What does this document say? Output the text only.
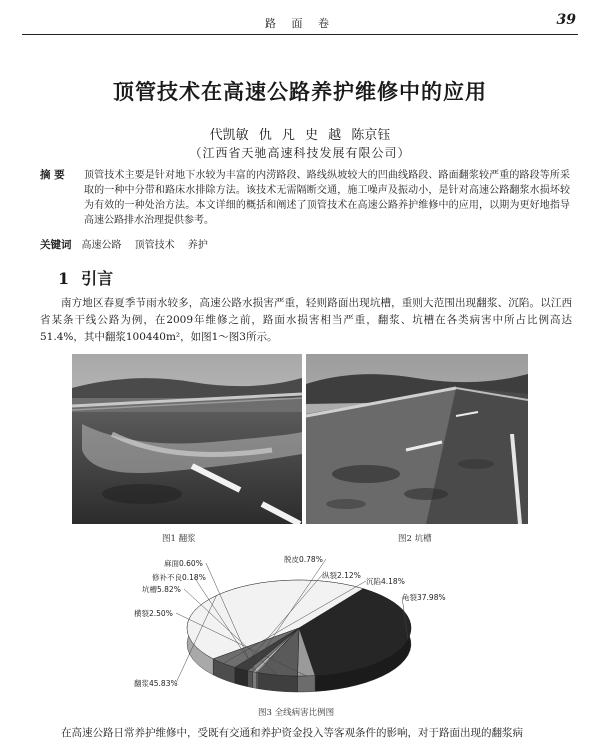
路 面 卷	39
顶管技术在高速公路养护维修中的应用
代凯敏 仇 凡 史 越 陈京钰
（江西省天驰高速科技发展有限公司）
摘 要 顶管技术主要是针对地下水较为丰富的内涝路段、路线纵坡较大的凹曲线路段、路面翻浆较严重的路段等所采取的一种中分带和路床水排除方法。该技术无需隔断交通，施工噪声及振动小，是针对高速公路翻浆水损坏较为有效的一种处治方法。本文详细的概括和阐述了顶管技术在高速公路养护维修中的应用，以期为更好地指导高速公路排水治理提供参考。
关键词 高速公路 顶管技术 养护
1 引言

南方地区春夏季节雨水较多，高速公路水损害严重，轻则路面出现坑槽，重则大范围出现翻浆、沉陷。以江西省某条干线公路为例，在2009年维修之前，路面水损害相当严重，翻浆、坑槽在各类病害中所占比例高达51.4%，其中翻浆100440m²，如图1～图3所示。

图1 翻浆	图2 坑槽
翻浆45.83%
龟裂37.98%
横裂2.50%
坑槽5.82%
修补不良0.18%
麻面0.60%	脱皮0.78%
纵裂2.12%
沉陷4.18%
图3 全线病害比例图
在高速公路日常养护维修中，受既有交通和养护资金投入等客观条件的影响，对于路面出现的翻浆病
